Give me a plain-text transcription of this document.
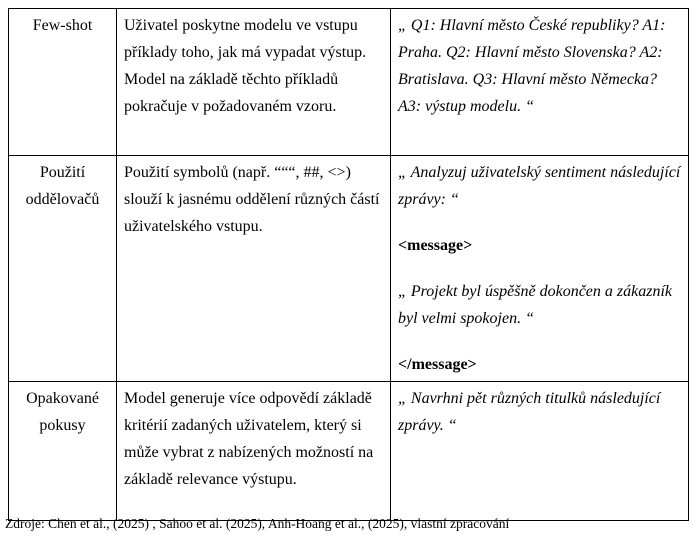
Few-shot	Uživatel poskytne modelu ve vstupu příklady toho, jak má vypadat výstup. Model na základě těchto příkladů pokračuje v požadovaném vzoru.	„ Q1: Hlavní město České republiky? A1: Praha. Q2: Hlavní město Slovenska? A2: Bratislava. Q3: Hlavní město Německa? A3: výstup modelu. “

Použití oddělovačů	Použití symbolů (např. “““, ##, <>) slouží k jasnému oddělení různých částí uživatelského vstupu.	„ Analyzuj uživatelský sentiment následující zprávy: “

<message>

„ Projekt byl úspěšně dokončen a zákazník byl velmi spokojen. “

</message>

Opakované pokusy	Model generuje více odpovědí základě kritérií zadaných uživatelem, který si může vybrat z nabízených možností na základě relevance výstupu.	„ Navrhni pět různých titulků následující zprávy. “

Zdroje: Chen et al., (2025) , Sahoo et al. (2025), Anh-Hoang et al., (2025), vlastní zpracování
